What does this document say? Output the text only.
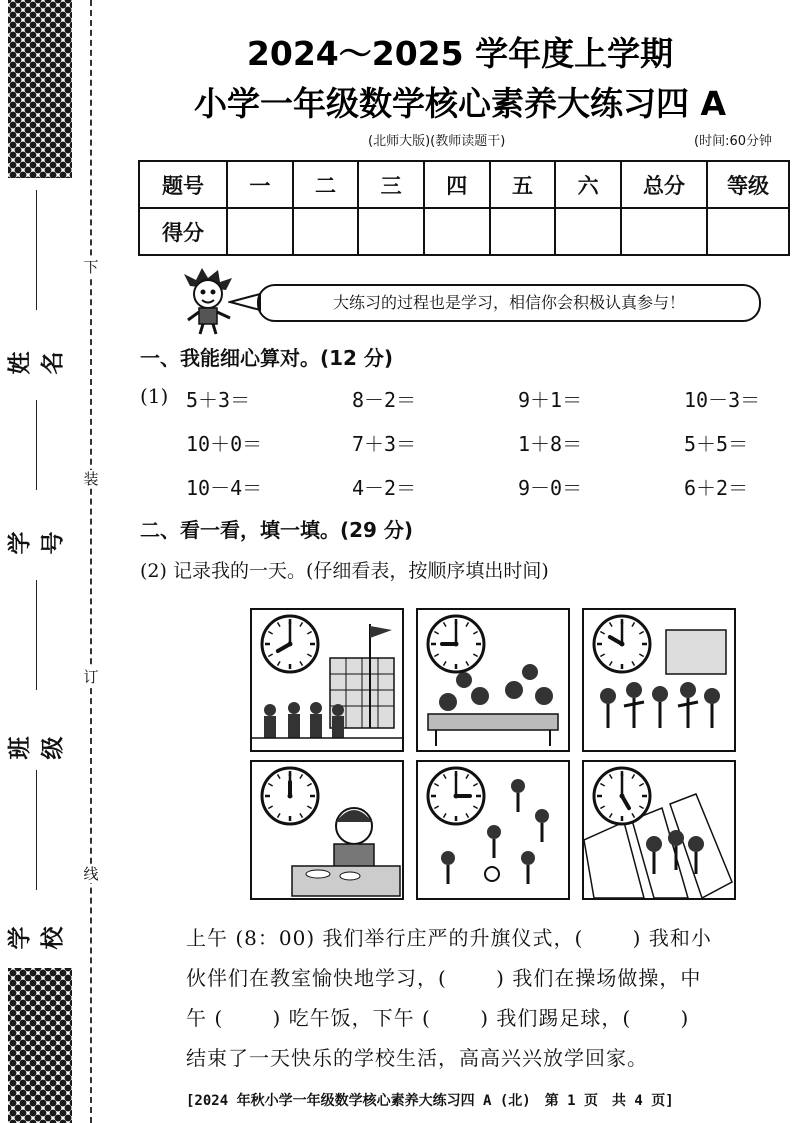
姓名
学号
班级
学校
下
装
订
线
2024～2025 学年度上学期
小学一年级数学核心素养大练习四 A
(北师大版)(教师读题干)	(时间:60分钟
题号	一	二	三	四	五	六	总分	等级
得分								
大练习的过程也是学习，相信你会积极认真参与！
一、我能细心算对。(12 分)
(1) 5＋3＝	8－2＝	9＋1＝	10－3＝
10＋0＝	7＋3＝	1＋8＝	5＋5＝
10－4＝	4－2＝	9－0＝	6＋2＝
二、看一看，填一填。(29 分)
(2) 记录我的一天。(仔细看表，按顺序填出时间)
上午 (8：00) 我们举行庄严的升旗仪式，(　　 ) 我和小
伙伴们在教室愉快地学习，(　　 ) 我们在操场做操，中
午 (　　 ) 吃午饭，下午 (　　 ) 我们踢足球，(　　 )
结束了一天快乐的学校生活，高高兴兴放学回家。
[2024 年秋小学一年级数学核心素养大练习四 A (北)　第 1 页　共 4 页]
